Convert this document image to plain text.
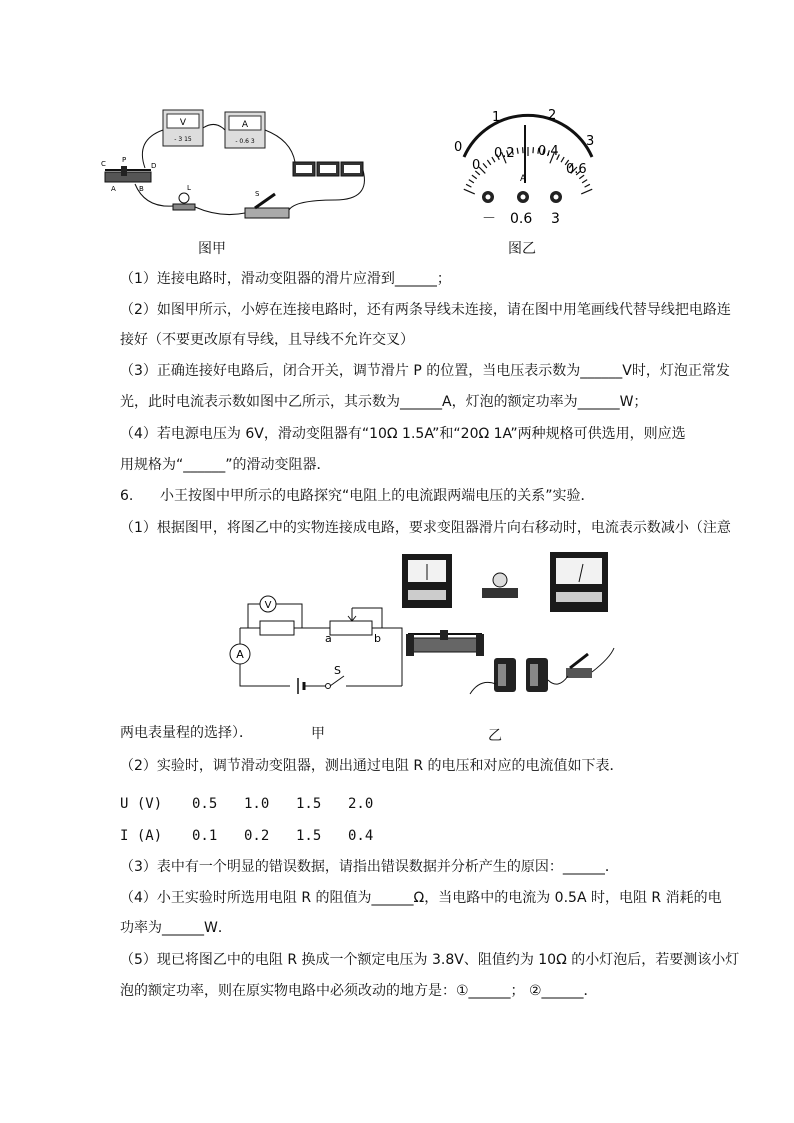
V
- 3 15
A
- 0.6 3
C P
D
A	B	L
S
图甲
0
1	2
3
0
0.2 0.4
0.6
A
－ 0.6 3
图乙
（1）连接电路时，滑动变阻器的滑片应滑到______；
（2）如图甲所示，小婷在连接电路时，还有两条导线未连接，请在图中用笔画线代替导线把电路连
接好（不要更改原有导线，且导线不允许交叉）
（3）正确连接好电路后，闭合开关，调节滑片 P 的位置，当电压表示数为______V时，灯泡正常发
光，此时电流表示数如图中乙所示，其示数为______A，灯泡的额定功率为______W；
（4）若电源电压为 6V，滑动变阻器有“10Ω 1.5A”和“20Ω 1A”两种规格可供选用，则应选
用规格为“______”的滑动变阻器．
6. 小王按图中甲所示的电路探究“电阻上的电流跟两端电压的关系”实验．
（1）根据图甲，将图乙中的实物连接成电路，要求变阻器滑片向右移动时，电流表示数减小（注意
V
A
a	b
S
两电表量程的选择）．	甲	乙
（2）实验时，调节滑动变阻器，测出通过电阻 R 的电压和对应的电流值如下表．
U (V)	0.5	1.0	1.5	2.0
I (A)	0.1	0.2	1.5	0.4
（3）表中有一个明显的错误数据，请指出错误数据并分析产生的原因：______．
（4）小王实验时所选用电阻 R 的阻值为______Ω，当电路中的电流为 0.5A 时，电阻 R 消耗的电
功率为______W．
（5）现已将图乙中的电阻 R 换成一个额定电压为 3.8V、阻值约为 10Ω 的小灯泡后，若要测该小灯
泡的额定功率，则在原实物电路中必须改动的地方是：①______； ②______．
